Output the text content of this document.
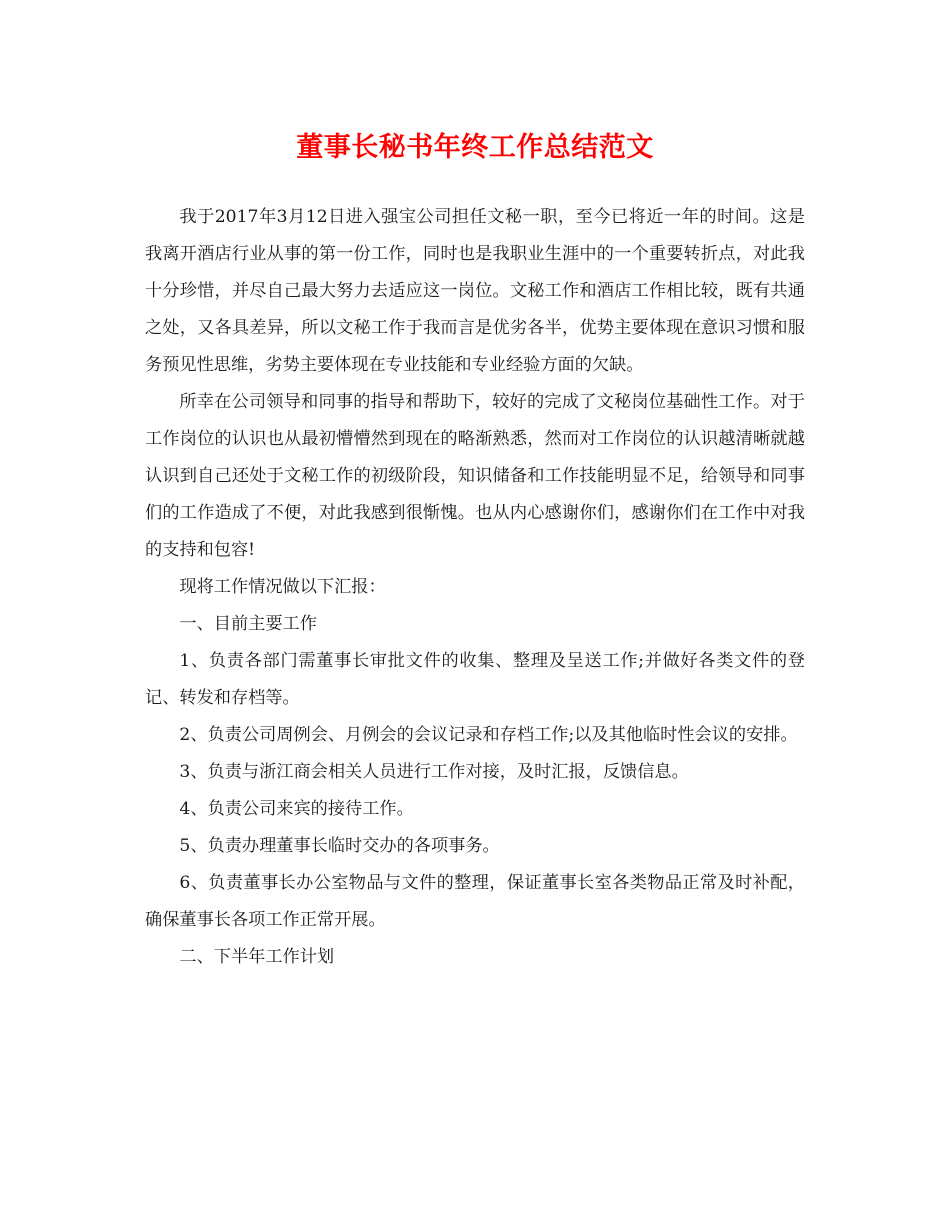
董事长秘书年终工作总结范文

我于2017年3月12日进入强宝公司担任文秘一职，至今已将近一年的时间。这是我离开酒店行业从事的第一份工作，同时也是我职业生涯中的一个重要转折点，对此我十分珍惜，并尽自己最大努力去适应这一岗位。文秘工作和酒店工作相比较，既有共通之处，又各具差异，所以文秘工作于我而言是优劣各半，优势主要体现在意识习惯和服务预见性思维，劣势主要体现在专业技能和专业经验方面的欠缺。

所幸在公司领导和同事的指导和帮助下，较好的完成了文秘岗位基础性工作。对于工作岗位的认识也从最初懵懵然到现在的略渐熟悉，然而对工作岗位的认识越清晰就越认识到自己还处于文秘工作的初级阶段，知识储备和工作技能明显不足，给领导和同事们的工作造成了不便，对此我感到很惭愧。也从内心感谢你们，感谢你们在工作中对我的支持和包容!

现将工作情况做以下汇报：

一、目前主要工作

1、负责各部门需董事长审批文件的收集、整理及呈送工作;并做好各类文件的登记、转发和存档等。

2、负责公司周例会、月例会的会议记录和存档工作;以及其他临时性会议的安排。

3、负责与浙江商会相关人员进行工作对接，及时汇报，反馈信息。

4、负责公司来宾的接待工作。

5、负责办理董事长临时交办的各项事务。

6、负责董事长办公室物品与文件的整理，保证董事长室各类物品正常及时补配，确保董事长各项工作正常开展。

二、下半年工作计划
